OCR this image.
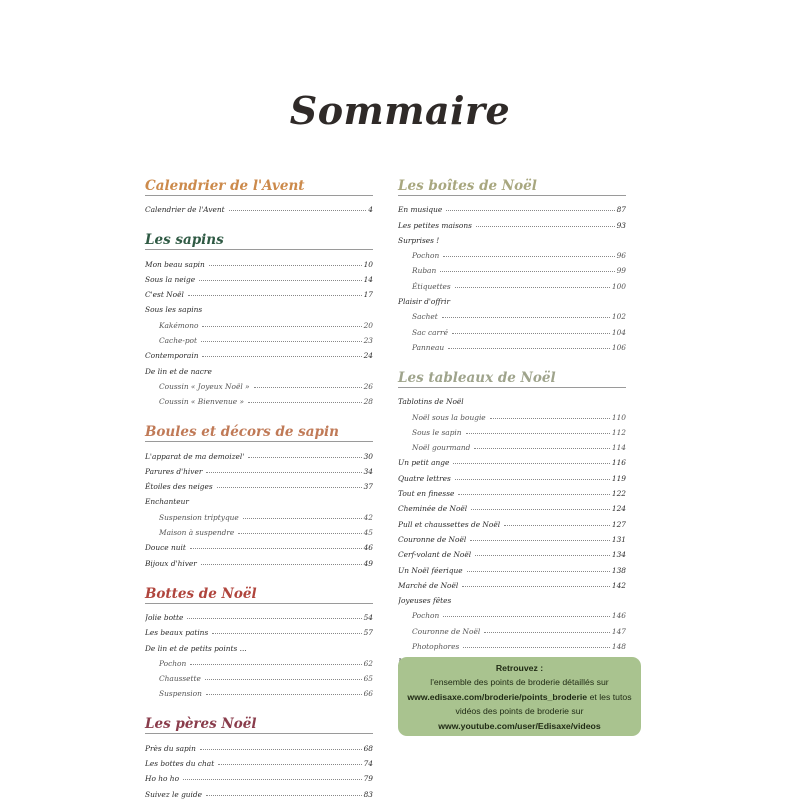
Sommaire
Calendrier de l'Avent
Calendrier de l'Avent	4
Les sapins
Mon beau sapin	10
Sous la neige	14
C'est Noël	17
Sous les sapins
Kakémono	20
Cache-pot	23
Contemporain	24
De lin et de nacre
Coussin « Joyeux Noël »	26
Coussin « Bienvenue »	28
Boules et décors de sapin
L'apparat de ma demoizel'	30
Parures d'hiver	34
Étoiles des neiges	37
Enchanteur
Suspension triptyque	42
Maison à suspendre	45
Douce nuit	46
Bijoux d'hiver	49
Bottes de Noël
Jolie botte	54
Les beaux patins	57
De lin et de petits points ...
Pochon	62
Chaussette	65
Suspension	66
Les pères Noël
Près du sapin	68
Les bottes du chat	74
Ho ho ho	79
Suivez le guide	83
Les boîtes de Noël
En musique	87
Les petites maisons	93
Surprises !
Pochon	96
Ruban	99
Étiquettes	100
Plaisir d'offrir
Sachet	102
Sac carré	104
Panneau	106
Les tableaux de Noël
Tablotins de Noël
Noël sous la bougie	110
Sous le sapin	112
Noël gourmand	114
Un petit ange	116
Quatre lettres	119
Tout en finesse	122
Cheminée de Noël	124
Pull et chaussettes de Noël	127
Couronne de Noël	131
Cerf-volant de Noël	134
Un Noël féerique	138
Marché de Noël	142
Joyeuses fêtes
Pochon	146
Couronne de Noël	147
Photophores	148
Retrouvez :
l'ensemble des points de broderie détaillés sur
www.edisaxe.com/broderie/points_broderie et les tutos vidéos des points de broderie sur
www.youtube.com/user/Edisaxe/videos
